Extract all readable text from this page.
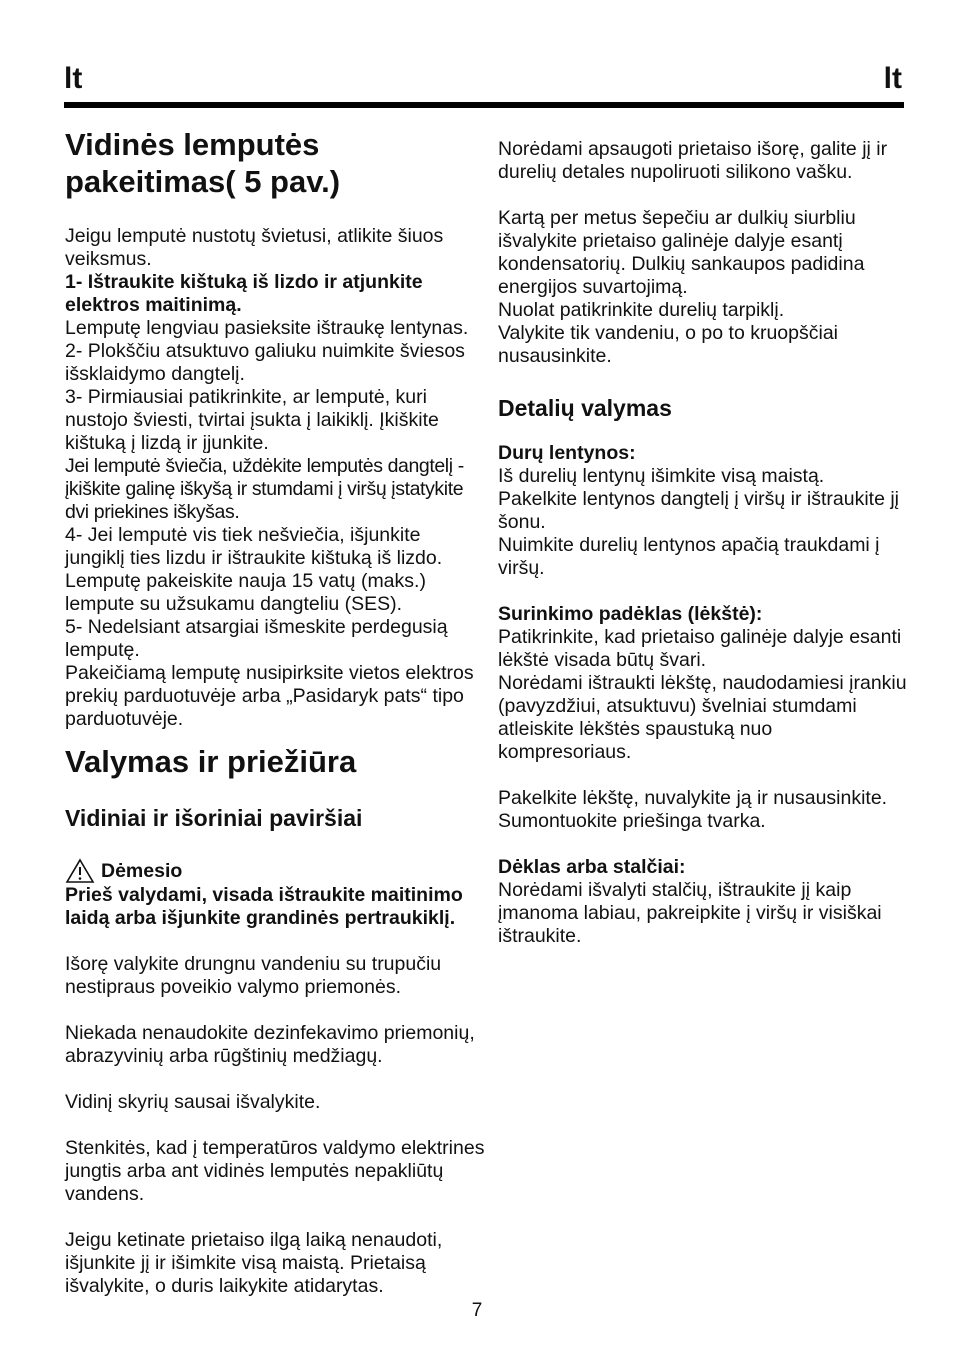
lt	lt
Vidinės lemputės
pakeitimas( 5 pav.)

Jeigu lemputė nustotų švietusi, atlikite šiuos veiksmus.

1- Ištraukite kištuką iš lizdo ir atjunkite elektros maitinimą.

Lemputę lengviau pasieksite ištraukę lentynas.

2- Plokščiu atsuktuvo galiuku nuimkite šviesos išsklaidymo dangtelį.

3- Pirmiausiai patikrinkite, ar lemputė, kuri nustojo šviesti, tvirtai įsukta į laikiklį. Įkiškite kištuką į lizdą ir įjunkite.

Jei lemputė šviečia, uždėkite lemputės dangtelį - įkiškite galinę iškyšą ir stumdami į viršų įstatykite dvi priekines iškyšas.

4- Jei lemputė vis tiek nešviečia, išjunkite jungiklį ties lizdu ir ištraukite kištuką iš lizdo. Lemputę pakeiskite nauja 15 vatų (maks.) lempute su užsukamu dangteliu (SES).

5- Nedelsiant atsargiai išmeskite perdegusią lemputę.

Pakeičiamą lemputę nusipirksite vietos elektros prekių parduotuvėje arba „Pasidaryk pats“ tipo parduotuvėje.

Valymas ir priežiūra
Vidiniai ir išoriniai paviršiai
Dėmesio

Prieš valydami, visada ištraukite maitinimo laidą arba išjunkite grandinės pertraukiklį.

Išorę valykite drungnu vandeniu su trupučiu nestipraus poveikio valymo priemonės.

Niekada nenaudokite dezinfekavimo priemonių, abrazyvinių arba rūgštinių medžiagų.

Vidinį skyrių sausai išvalykite.

Stenkitės, kad į temperatūros valdymo elektrines jungtis arba ant vidinės lemputės nepakliūtų vandens.

Jeigu ketinate prietaiso ilgą laiką nenaudoti, išjunkite jį ir išimkite visą maistą. Prietaisą išvalykite, o duris laikykite atidarytas.

Norėdami apsaugoti prietaiso išorę, galite jį ir durelių detales nupoliruoti silikono vašku.

Kartą per metus šepečiu ar dulkių siurbliu išvalykite prietaiso galinėje dalyje esantį kondensatorių. Dulkių sankaupos padidina energijos suvartojimą.

Nuolat patikrinkite durelių tarpiklį.

Valykite tik vandeniu, o po to kruopščiai nusausinkite.

Detalių valymas

Durų lentynos:

Iš durelių lentynų išimkite visą maistą.

Pakelkite lentynos dangtelį į viršų ir ištraukite jį šonu.

Nuimkite durelių lentynos apačią traukdami į viršų.

Surinkimo padėklas (lėkštė):

Patikrinkite, kad prietaiso galinėje dalyje esanti lėkštė visada būtų švari.

Norėdami ištraukti lėkštę, naudodamiesi įrankiu (pavyzdžiui, atsuktuvu) švelniai stumdami atleiskite lėkštės spaustuką nuo kompresoriaus.

Pakelkite lėkštę, nuvalykite ją ir nusausinkite.

Sumontuokite priešinga tvarka.

Dėklas arba stalčiai:

Norėdami išvalyti stalčių, ištraukite jį kaip įmanoma labiau, pakreipkite į viršų ir visiškai ištraukite.

7
